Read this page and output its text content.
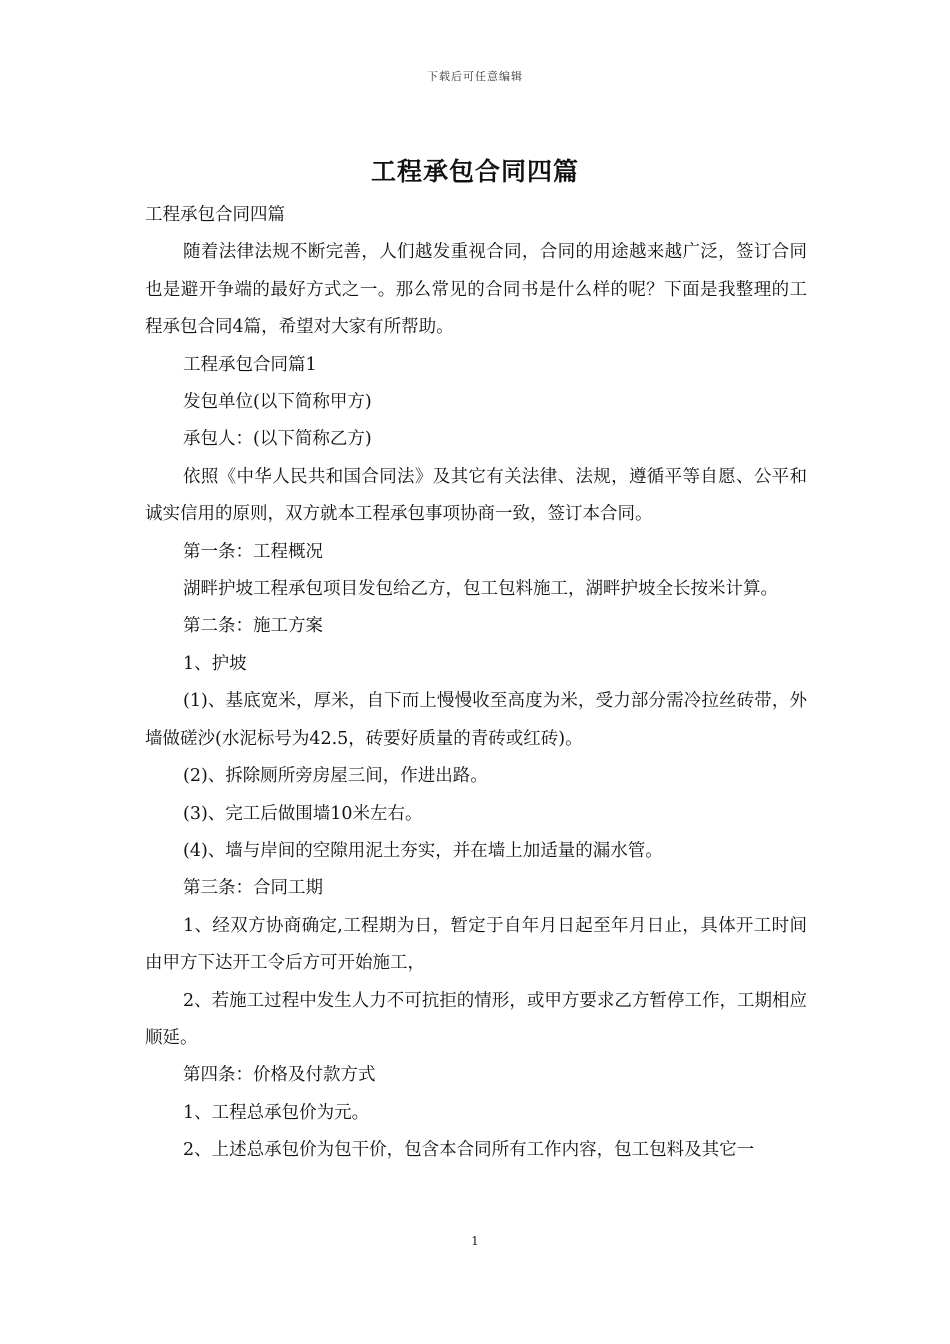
下载后可任意编辑
工程承包合同四篇

工程承包合同四篇

随着法律法规不断完善，人们越发重视合同，合同的用途越来越广泛，签订合同也是避开争端的最好方式之一。那么常见的合同书是什么样的呢？下面是我整理的工程承包合同4篇，希望对大家有所帮助。

工程承包合同篇1

发包单位(以下简称甲方)

承包人：(以下简称乙方)

依照《中华人民共和国合同法》及其它有关法律、法规，遵循平等自愿、公平和诚实信用的原则，双方就本工程承包事项协商一致，签订本合同。

第一条：工程概况

湖畔护坡工程承包项目发包给乙方，包工包料施工，湖畔护坡全长按米计算。

第二条：施工方案

1、护坡

(1)、基底宽米，厚米，自下而上慢慢收至高度为米，受力部分需冷拉丝砖带，外墙做磋沙(水泥标号为42.5，砖要好质量的青砖或红砖)。

(2)、拆除厕所旁房屋三间，作进出路。

(3)、完工后做围墙10米左右。

(4)、墙与岸间的空隙用泥土夯实，并在墙上加适量的漏水管。

第三条：合同工期

1、经双方协商确定,工程期为日，暂定于自年月日起至年月日止，具体开工时间由甲方下达开工令后方可开始施工，

2、若施工过程中发生人力不可抗拒的情形，或甲方要求乙方暂停工作，工期相应顺延。

第四条：价格及付款方式

1、工程总承包价为元。

2、上述总承包价为包干价，包含本合同所有工作内容，包工包料及其它一

1
